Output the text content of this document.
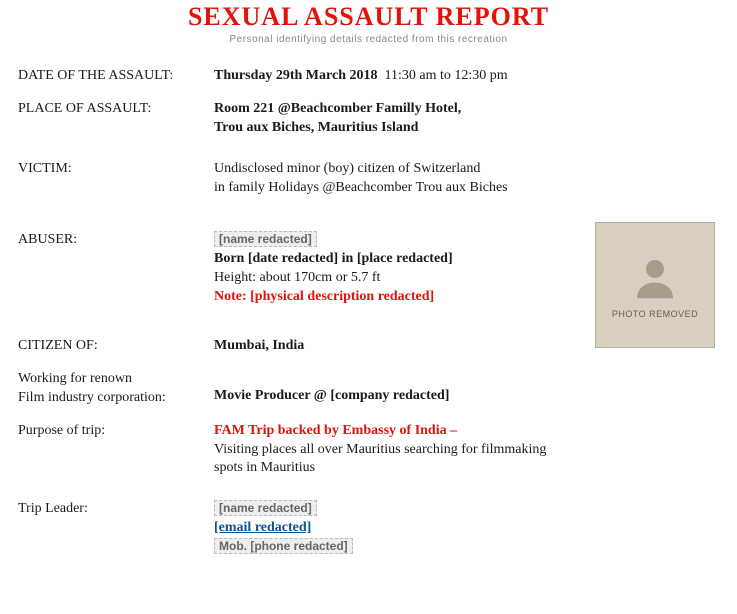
SEXUAL ASSAULT REPORT
Personal identifying details redacted from this recreation
DATE OF THE ASSAULT:	Thursday 29th March 2018 11:30 am to 12:30 pm
PLACE OF ASSAULT:	Room 221 @Beachcomber Familly Hotel,
Trou aux Biches, Mauritius Island
VICTIM:	Undisclosed minor (boy) citizen of Switzerland
in family Holidays @Beachcomber Trou aux Biches
ABUSER:	[name redacted]
Born [date redacted] in [place redacted]
Height: about 170cm or 5.7 ft
Note: [physical description redacted]
CITIZEN OF:	Mumbai, India
Working for renown
Film industry corporation:	Movie Producer @ [company redacted]
Purpose of trip:	FAM Trip backed by Embassy of India –
Visiting places all over Mauritius searching for filmmaking
spots in Mauritius
Trip Leader:	[name redacted]
[email redacted]
Mob. [phone redacted]
PHOTO REMOVED
